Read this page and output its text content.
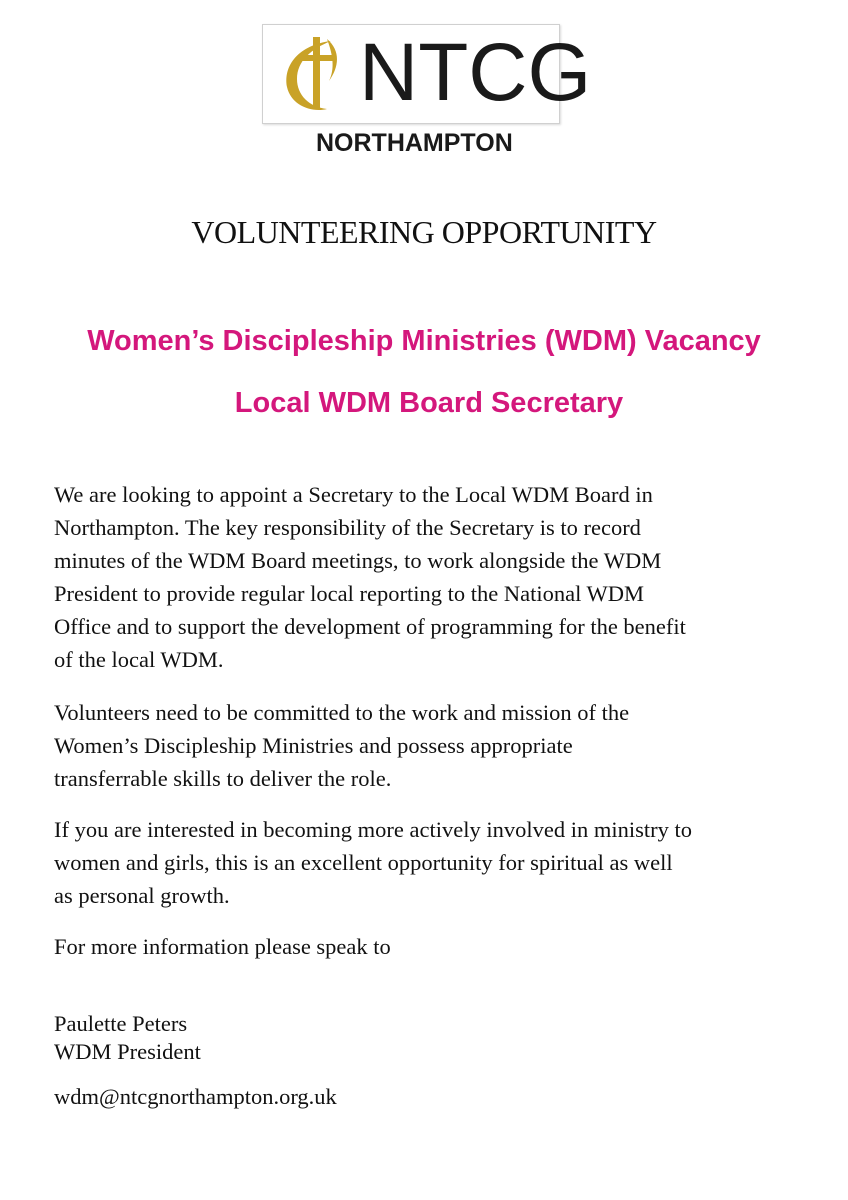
NTCG
NORTHAMPTON
VOLUNTEERING OPPORTUNITY
Women’s Discipleship Ministries (WDM) Vacancy
Local WDM Board Secretary
We are looking to appoint a Secretary to the Local WDM Board in
Northampton. The key responsibility of the Secretary is to record
minutes of the WDM Board meetings, to work alongside the WDM
President to provide regular local reporting to the National WDM
Office and to support the development of programming for the benefit
of the local WDM.
Volunteers need to be committed to the work and mission of the
Women’s Discipleship Ministries and possess appropriate
transferrable skills to deliver the role.
If you are interested in becoming more actively involved in ministry to
women and girls, this is an excellent opportunity for spiritual as well
as personal growth.
For more information please speak to
Paulette Peters
WDM President
wdm@ntcgnorthampton.org.uk
